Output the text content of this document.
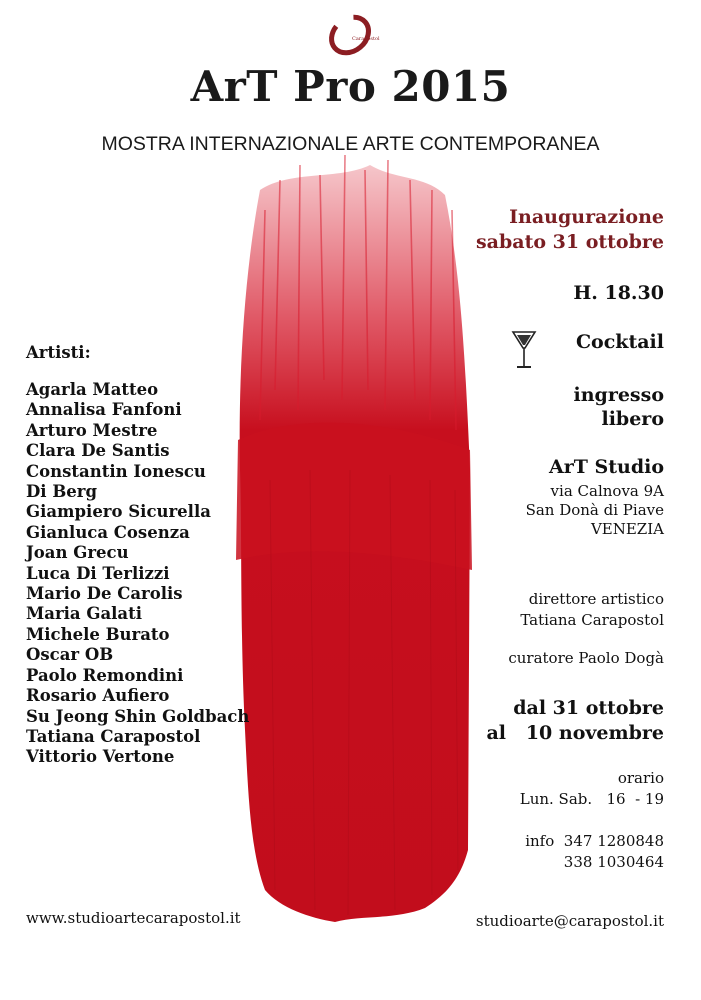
Carapostol
ArT Pro 2015
MOSTRA INTERNAZIONALE ARTE CONTEMPORANEA
Artisti:
Agarla Matteo
Annalisa Fanfoni
Arturo Mestre
Clara De Santis
Constantin Ionescu
Di Berg
Giampiero Sicurella
Gianluca Cosenza
Joan Grecu
Luca Di Terlizzi
Mario De Carolis
Maria Galati
Michele Burato
Oscar OB
Paolo Remondini
Rosario Aufiero
Su Jeong Shin Goldbach
Tatiana Carapostol
Vittorio Vertone
Inaugurazione
sabato 31 ottobre
H. 18.30
Cocktail
ingresso
libero
ArT Studio
via Calnova 9A
San Donà di Piave
VENEZIA
direttore artistico
Tatiana Carapostol
curatore Paolo Dogà
dal 31 ottobre
al   10 novembre
orario
Lun. Sab.   16  - 19
info  347 1280848
338 1030464
www.studioartecarapostol.it	studioarte@carapostol.it
